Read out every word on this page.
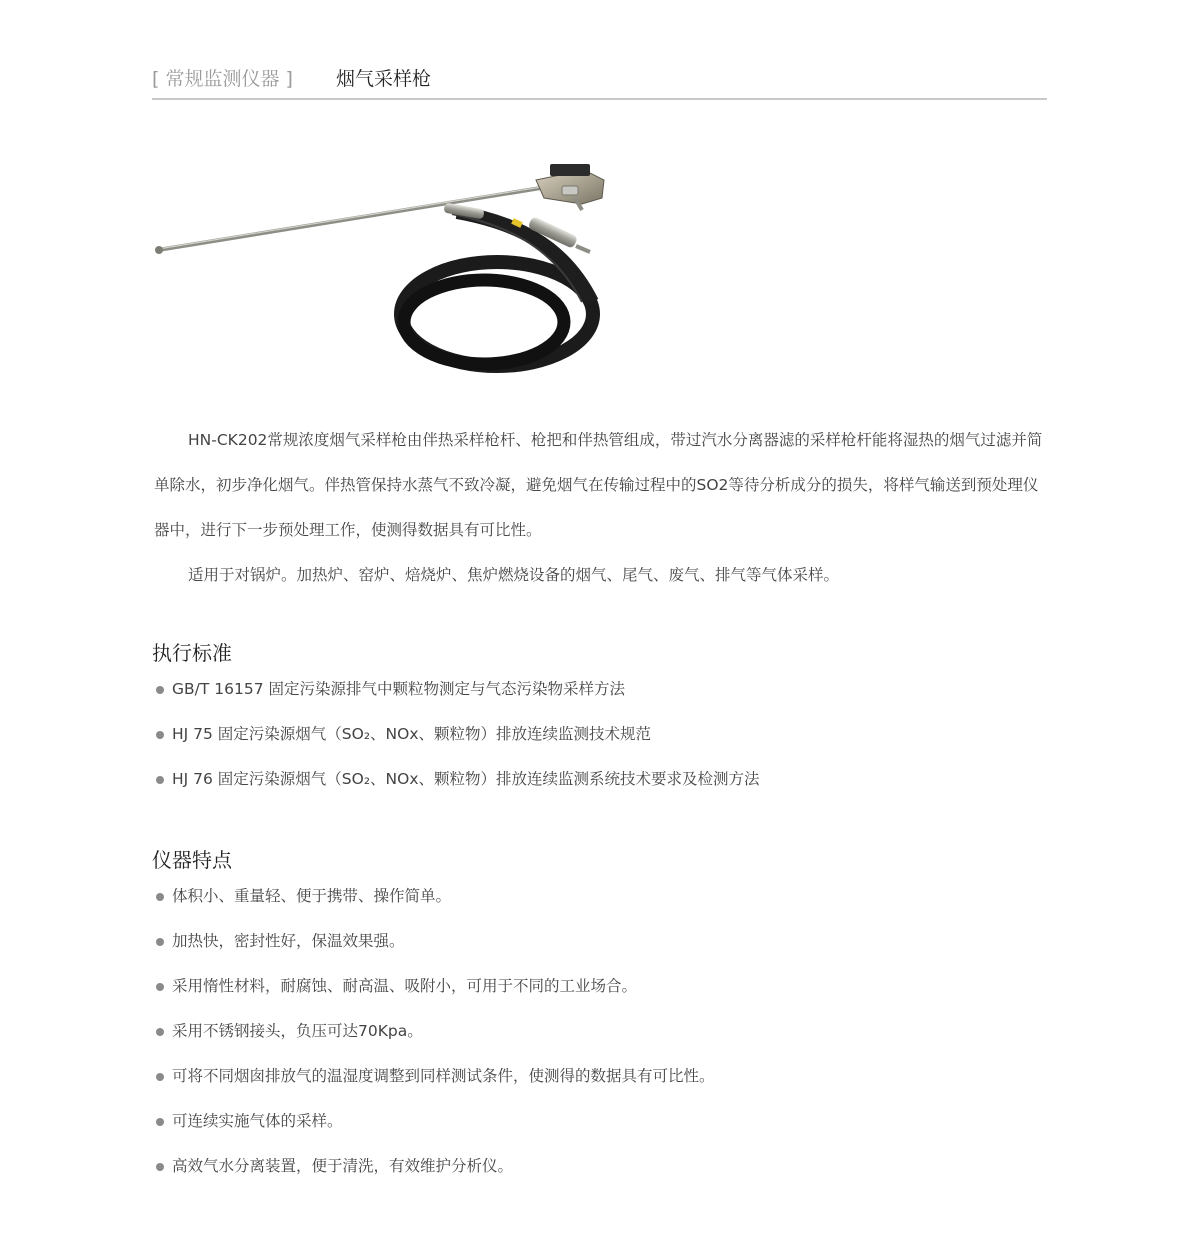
[ 常规监测仪器 ] 烟气采样枪

HN-CK202常规浓度烟气采样枪由伴热采样枪杆、枪把和伴热管组成，带过汽水分离器滤的采样枪杆能将湿热的烟气过滤并简单除水，初步净化烟气。伴热管保持水蒸气不致冷凝，避免烟气在传输过程中的SO2等待分析成分的损失，将样气输送到预处理仪器中，进行下一步预处理工作，使测得数据具有可比性。

适用于对锅炉。加热炉、窑炉、焙烧炉、焦炉燃烧设备的烟气、尾气、废气、排气等气体采样。

执行标准
GB/T 16157 固定污染源排气中颗粒物测定与气态污染物采样方法
HJ 75 固定污染源烟气（SO₂、NOx、颗粒物）排放连续监测技术规范
HJ 76 固定污染源烟气（SO₂、NOx、颗粒物）排放连续监测系统技术要求及检测方法
仪器特点
体积小、重量轻、便于携带、操作简单。
加热快，密封性好，保温效果强。
采用惰性材料，耐腐蚀、耐高温、吸附小，可用于不同的工业场合。
采用不锈钢接头，负压可达70Kpa。
可将不同烟囱排放气的温湿度调整到同样测试条件，使测得的数据具有可比性。
可连续实施气体的采样。
高效气水分离装置，便于清洗，有效维护分析仪。
